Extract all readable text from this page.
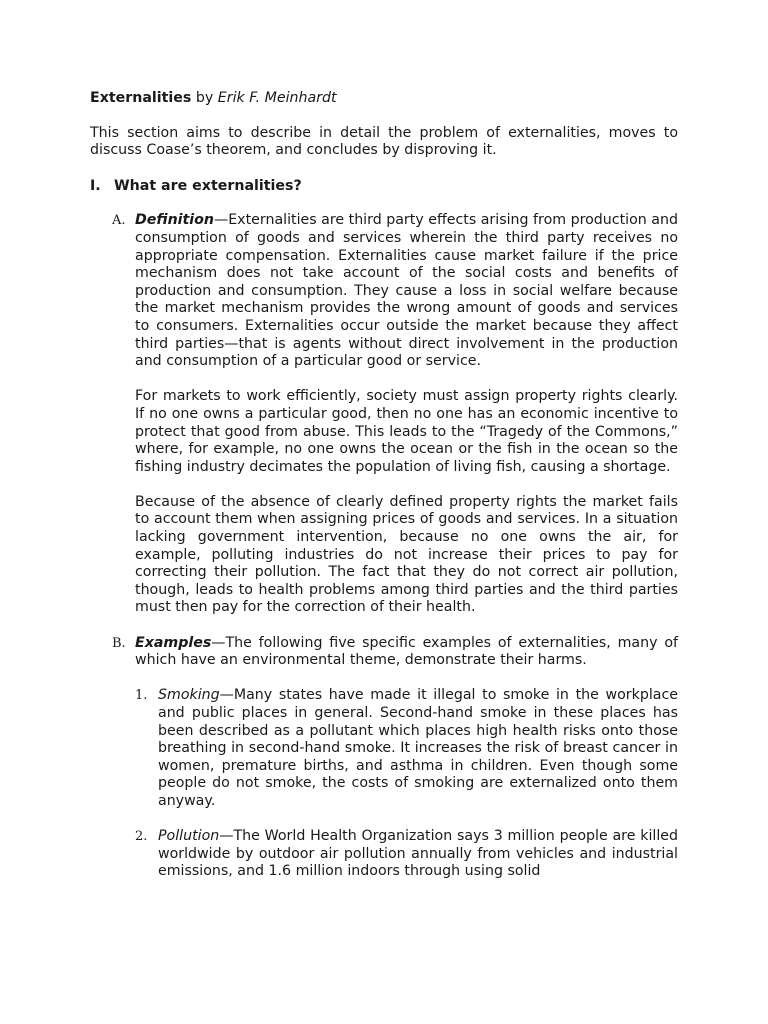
Externalities by Erik F. Meinhardt

This section aims to describe in detail the problem of externalities, moves to discuss Coase’s theorem, and concludes by disproving it.

I. What are externalities?
A. Definition—Externalities are third party effects arising from production and consumption of goods and services wherein the third party receives no appropriate compensation. Externalities cause market failure if the price mechanism does not take account of the social costs and benefits of production and consumption. They cause a loss in social welfare because the market mechanism provides the wrong amount of goods and services to consumers. Externalities occur outside the market because they affect third parties—that is agents without direct involvement in the production and consumption of a particular good or service.

For markets to work efficiently, society must assign property rights clearly. If no one owns a particular good, then no one has an economic incentive to protect that good from abuse. This leads to the “Tragedy of the Commons,” where, for example, no one owns the ocean or the fish in the ocean so the fishing industry decimates the population of living fish, causing a shortage.

Because of the absence of clearly defined property rights the market fails to account them when assigning prices of goods and services. In a situation lacking government intervention, because no one owns the air, for example, polluting industries do not increase their prices to pay for correcting their pollution. The fact that they do not correct air pollution, though, leads to health problems among third parties and the third parties must then pay for the correction of their health.

B. Examples—The following five specific examples of externalities, many of which have an environmental theme, demonstrate their harms.

1. Smoking—Many states have made it illegal to smoke in the workplace and public places in general. Second-hand smoke in these places has been described as a pollutant which places high health risks onto those breathing in second-hand smoke. It increases the risk of breast cancer in women, premature births, and asthma in children. Even though some people do not smoke, the costs of smoking are externalized onto them anyway.

2. Pollution—The World Health Organization says 3 million people are killed worldwide by outdoor air pollution annually from vehicles and industrial emissions, and 1.6 million indoors through using solid
